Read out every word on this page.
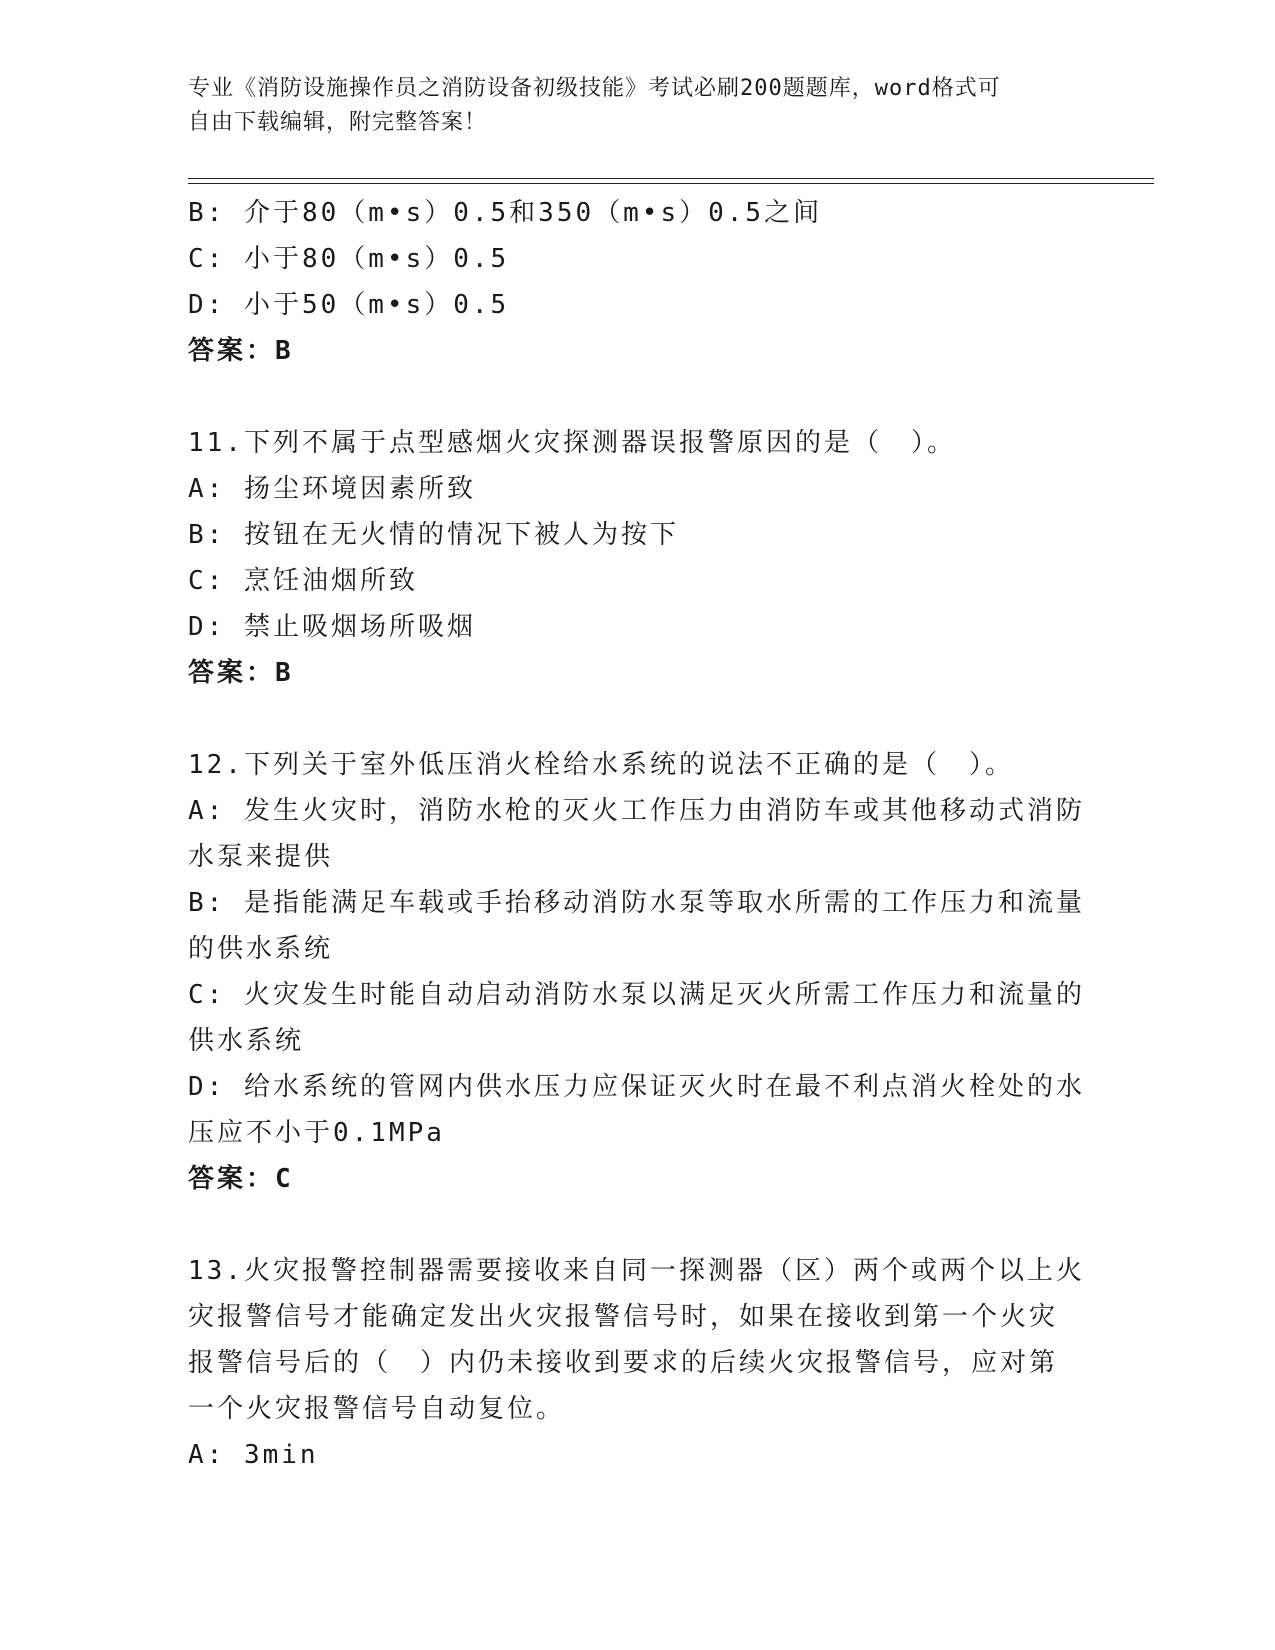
专业《消防设施操作员之消防设备初级技能》考试必刷200题题库，word格式可
自由下载编辑，附完整答案！
B: 介于80（m•s）0.5和350（m•s）0.5之间
C: 小于80（m•s）0.5
D: 小于50（m•s）0.5
答案：B
11.下列不属于点型感烟火灾探测器误报警原因的是（　）。
A: 扬尘环境因素所致
B: 按钮在无火情的情况下被人为按下
C: 烹饪油烟所致
D: 禁止吸烟场所吸烟
答案：B
12.下列关于室外低压消火栓给水系统的说法不正确的是（　）。
A: 发生火灾时，消防水枪的灭火工作压力由消防车或其他移动式消防
水泵来提供
B: 是指能满足车载或手抬移动消防水泵等取水所需的工作压力和流量
的供水系统
C: 火灾发生时能自动启动消防水泵以满足灭火所需工作压力和流量的
供水系统
D: 给水系统的管网内供水压力应保证灭火时在最不利点消火栓处的水
压应不小于0.1MPa
答案：C
13.火灾报警控制器需要接收来自同一探测器（区）两个或两个以上火
灾报警信号才能确定发出火灾报警信号时，如果在接收到第一个火灾
报警信号后的（　）内仍未接收到要求的后续火灾报警信号，应对第
一个火灾报警信号自动复位。
A: 3min
